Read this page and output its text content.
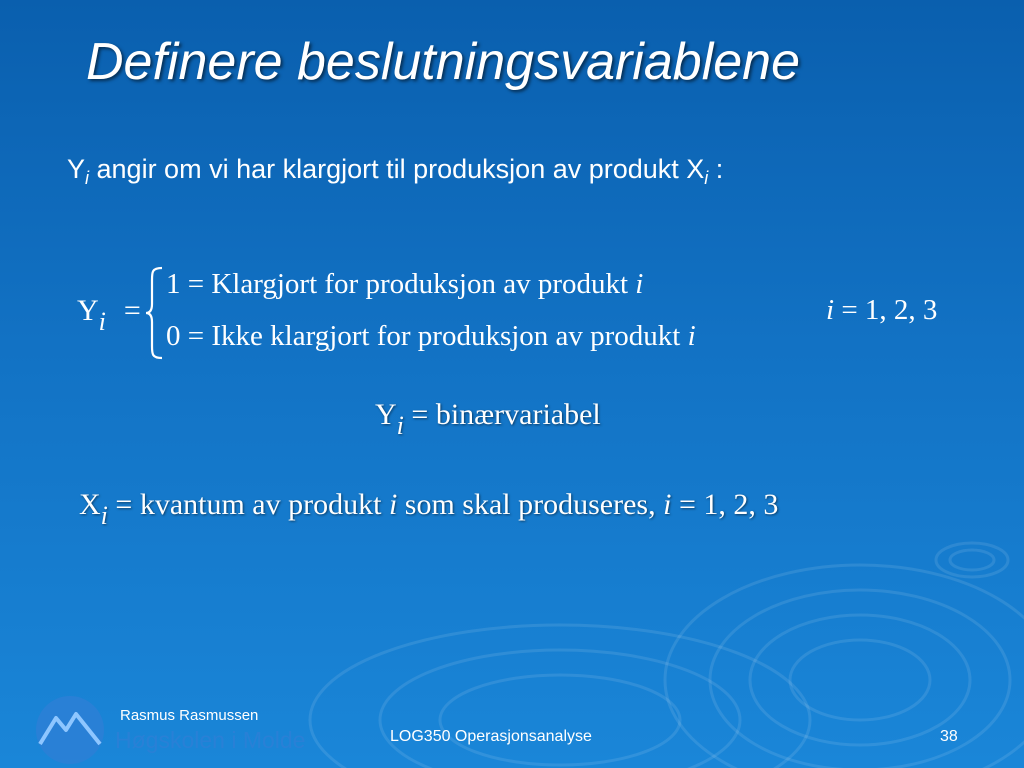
Definere beslutningsvariablene
$Y_i$ angir om vi har klargjort til produksjon av produkt $X_i$ :
Yi =
1 = Klargjort for produksjon av produkt i
0 = Ikke klargjort for produksjon av produkt i
i = 1, 2, 3
Yi = binærvariabel
Xi = kvantum av produkt i som skal produseres, i = 1, 2, 3
Høgskolen i Molde
Rasmus Rasmussen
LOG350 Operasjonsanalyse	38
